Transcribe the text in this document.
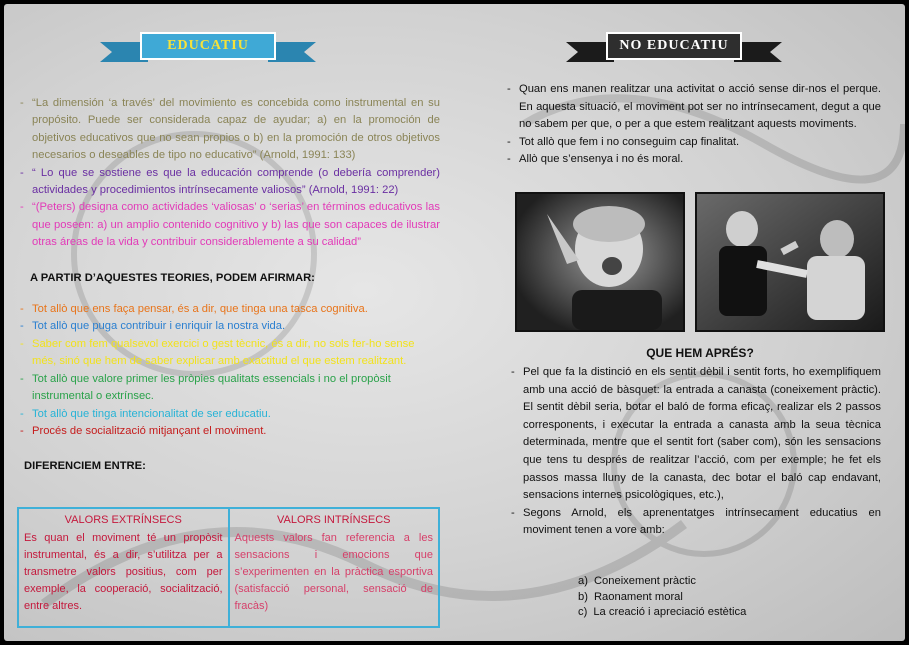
EDUCATIU	NO EDUCATIU
- “La dimensión ‘a través’ del movimiento es concebida como instrumental en su propósito. Puede ser considerada capaz de ayudar; a) en la promoción de objetivos educativos que no sean propios o b) en la promoción de otros objetivos necesarios o deseables de tipo no educativo” (Arnold, 1991: 133)
- “ Lo que se sostiene es que la educación comprende (o debería comprender) actividades y procedimientos intrínsecamente valiosos” (Arnold, 1991: 22)
- “(Peters) designa como actividades ‘valiosas’ o ‘serias’ en términos educativos las que poseen: a) un amplio contenido cognitivo y b) las que son capaces de ilustrar otras áreas de la vida y contribuir considerablemente a su calidad”
A PARTIR D’AQUESTES TEORIES, PODEM AFIRMAR:
- Tot allò que ens faça pensar, és a dir, que tinga una tasca cognitiva.
- Tot allò que puga contribuir i enriquir la nostra vida.
- Saber com fem qualsevol exercici o gest tècnic, és a dir, no sols fer-ho sense més, sinó que hem de saber explicar amb exactitud el que estem realitzant.
- Tot allò que valore primer les pròpies qualitats essencials i no el propòsit instrumental o extrínsec.
- Tot allò que tinga intencionalitat de ser educatiu.
- Procés de socialització mitjançant el moviment.
DIFERENCIEM ENTRE:
VALORS EXTRÍNSECS	VALORS INTRÍNSECS
Es quan el moviment té un propòsit instrumental, és a dir, s’utilitza per a transmetre valors positius, com per exemple, la cooperació, socialització, entre altres.	Aquests valors fan referencia a les sensacions i emocions que s’experimenten en la pràctica esportiva (satisfacció personal, sensació de fracàs)
- Quan ens manen realitzar una activitat o acció sense dir-nos el perque. En aquesta situació, el moviment pot ser no intrínsecament, degut a que no sabem per que, o per a que estem realitzant aquests moviments.
- Tot allò que fem i no conseguim cap finalitat.
- Allò que s’ensenya i no és moral.
QUE HEM APRÉS?
- Pel que fa la distinció en els sentit dèbil i sentit forts, ho exemplifiquem amb una acció de bàsquet: la entrada a canasta (coneixement pràctic). El sentit dèbil seria, botar el baló de forma eficaç, realizar els 2 passos corresponents, i executar la entrada a canasta amb la seua tècnica determinada, mentre que el sentit fort (saber com), són les sensacions que tens tu després de realitzar l’acció, com per exemple; he fet els passos massa lluny de la canasta, dec botar el baló cap endavant, sensacions internes psicològiques, etc.),
- Segons Arnold, els aprenentatges intrínsecament educatius en moviment tenen a vore amb:
a) Coneixement pràctic
b) Raonament moral
c) La creació i apreciació estètica
